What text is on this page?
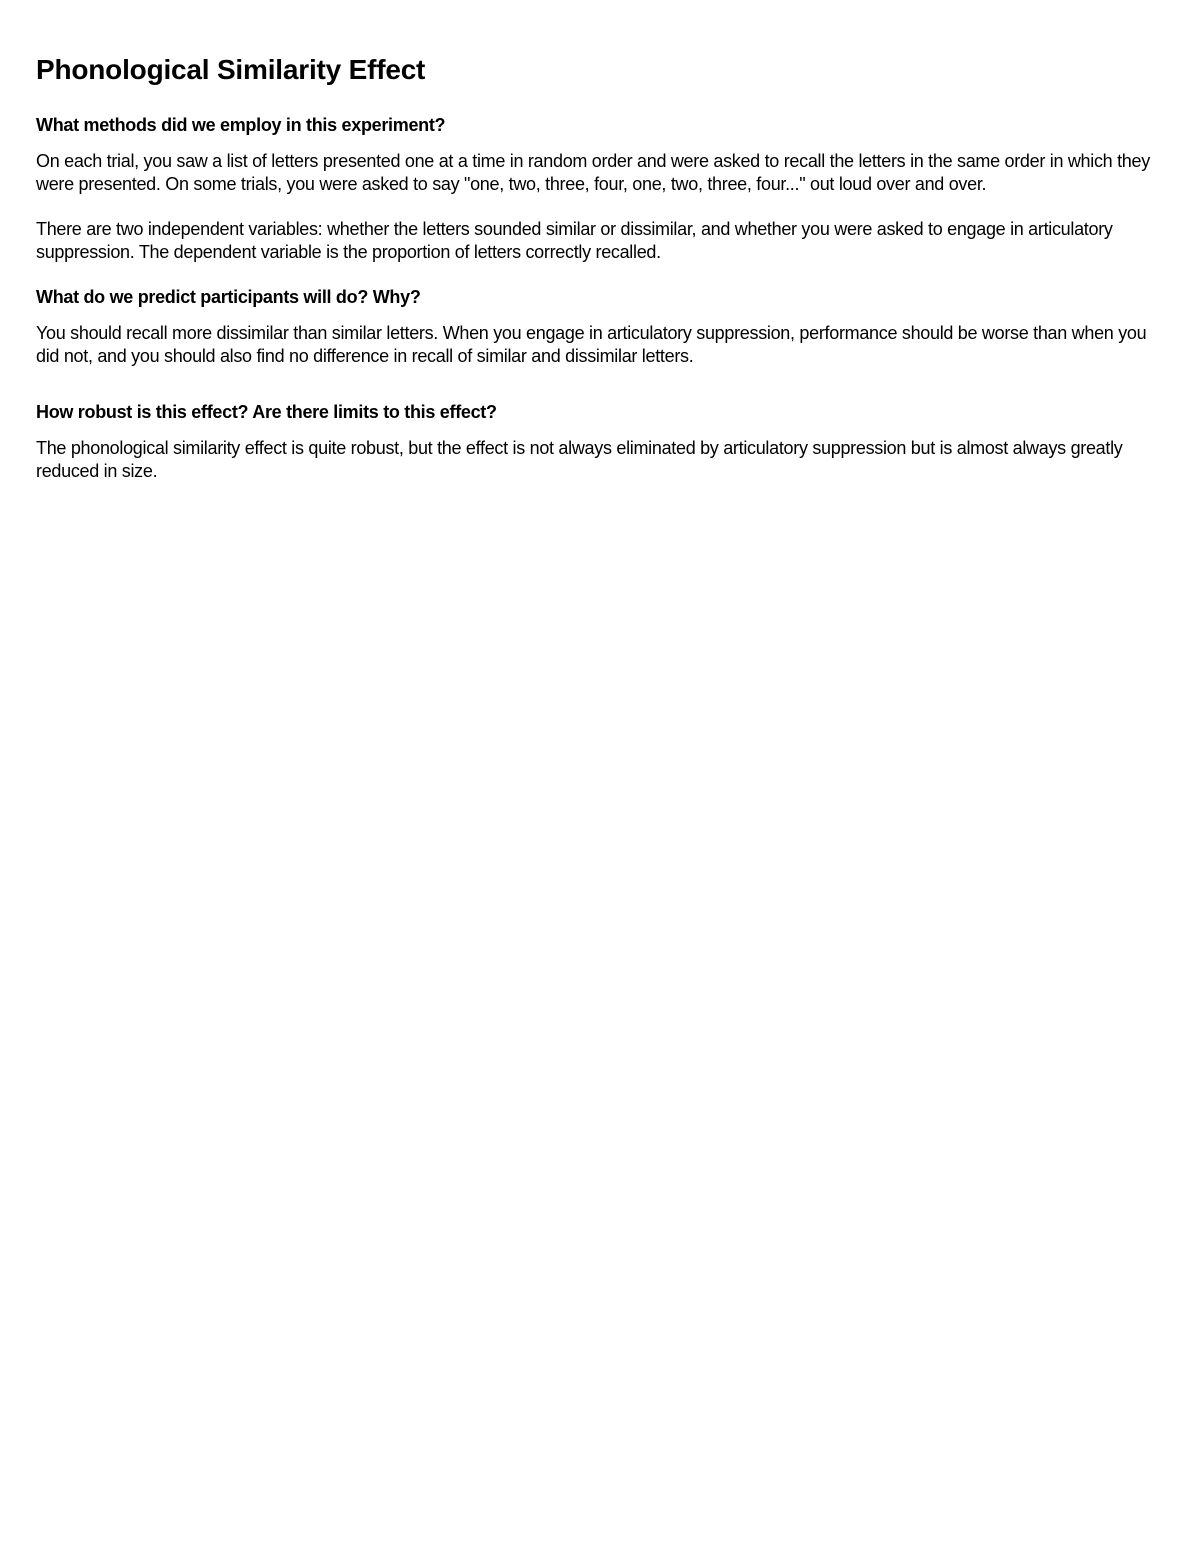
Phonological Similarity Effect
What methods did we employ in this experiment?

On each trial, you saw a list of letters presented one at a time in random order and were asked to recall the letters in the same order in which they were presented. On some trials, you were asked to say "one, two, three, four, one, two, three, four..." out loud over and over.

There are two independent variables: whether the letters sounded similar or dissimilar, and whether you were asked to engage in articulatory suppression. The dependent variable is the proportion of letters correctly recalled.

What do we predict participants will do? Why?

You should recall more dissimilar than similar letters. When you engage in articulatory suppression, performance should be worse than when you did not, and you should also find no difference in recall of similar and dissimilar letters.

How robust is this effect? Are there limits to this effect?

The phonological similarity effect is quite robust, but the effect is not always eliminated by articulatory suppression but is almost always greatly reduced in size.
